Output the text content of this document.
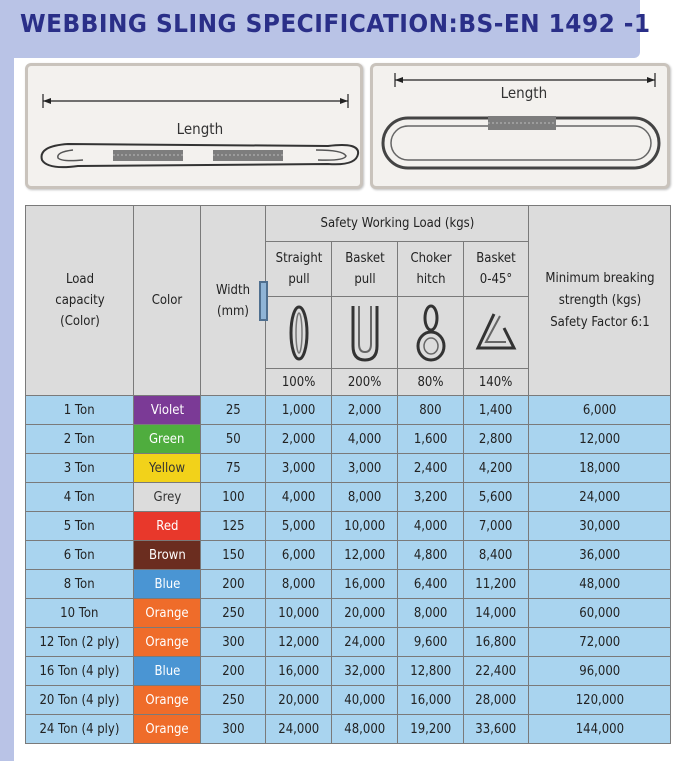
WEBBING SLING SPECIFICATION:BS-EN 1492 -1
Length
Length
Load capacity (Color)	Color	Width (mm)	Safety Working Load (kgs)				Minimum breaking strength (kgs) Safety Factor 6:1
			Straight pull	Basket pull	Choker hitch	Basket 0-45°	

			100%	200%	80%	140%	
1 Ton	Violet	25	1,000	2,000	800	1,400	6,000
2 Ton	Green	50	2,000	4,000	1,600	2,800	12,000
3 Ton	Yellow	75	3,000	3,000	2,400	4,200	18,000
4 Ton	Grey	100	4,000	8,000	3,200	5,600	24,000
5 Ton	Red	125	5,000	10,000	4,000	7,000	30,000
6 Ton	Brown	150	6,000	12,000	4,800	8,400	36,000
8 Ton	Blue	200	8,000	16,000	6,400	11,200	48,000
10 Ton	Orange	250	10,000	20,000	8,000	14,000	60,000
12 Ton (2 ply)	Orange	300	12,000	24,000	9,600	16,800	72,000
16 Ton (4 ply)	Blue	200	16,000	32,000	12,800	22,400	96,000
20 Ton (4 ply)	Orange	250	20,000	40,000	16,000	28,000	120,000
24 Ton (4 ply)	Orange	300	24,000	48,000	19,200	33,600	144,000
